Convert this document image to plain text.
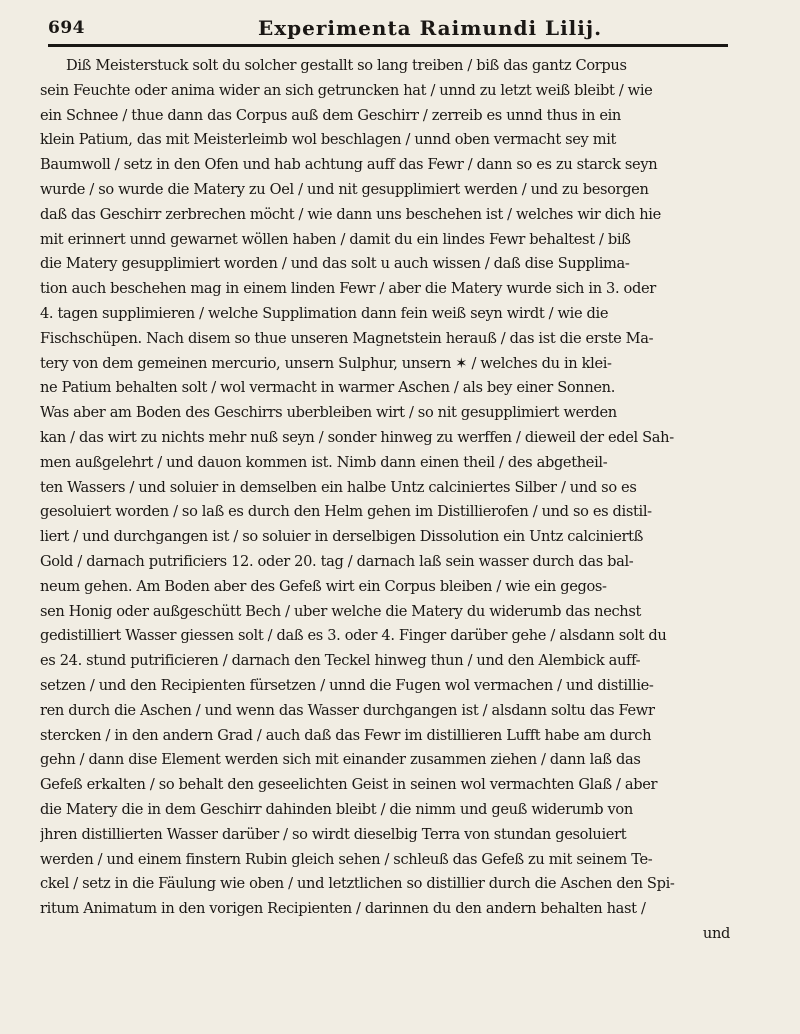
694	Experimenta Raimundi Lilij.
Diß Meisterstuck solt du solcher gestallt so lang treiben / biß das gantz Corpus
sein Feuchte oder anima wider an sich getruncken hat / unnd zu letzt weiß bleibt / wie
ein Schnee / thue dann das Corpus auß dem Geschirr / zerreib es unnd thus in ein
klein Patium, das mit Meisterleimb wol beschlagen / unnd oben vermacht sey mit
Baumwoll / setz in den Ofen und hab achtung auff das Fewr / dann so es zu starck seyn
wurde / so wurde die Matery zu Oel / und nit gesupplimiert werden / und zu besorgen
daß das Geschirr zerbrechen möcht / wie dann uns beschehen ist / welches wir dich hie
mit erinnert unnd gewarnet wöllen haben / damit du ein lindes Fewr behaltest / biß
die Matery gesupplimiert worden / und das solt u auch wissen / daß dise Supplima-
tion auch beschehen mag in einem linden Fewr / aber die Matery wurde sich in 3. oder
4. tagen supplimieren / welche Supplimation dann fein weiß seyn wirdt / wie die
Fischschüpen. Nach disem so thue unseren Magnetstein herauß / das ist die erste Ma-
tery von dem gemeinen mercurio, unsern Sulphur, unsern ✶ / welches du in klei-
ne Patium behalten solt / wol vermacht in warmer Aschen / als bey einer Sonnen.
Was aber am Boden des Geschirrs uberbleiben wirt / so nit gesupplimiert werden
kan / das wirt zu nichts mehr nuß seyn / sonder hinweg zu werffen / dieweil der edel Sah-
men außgelehrt / und dauon kommen ist. Nimb dann einen theil / des abgetheil-
ten Wassers / und soluier in demselben ein halbe Untz calciniertes Silber / und so es
gesoluiert worden / so laß es durch den Helm gehen im Distillierofen / und so es distil-
liert / und durchgangen ist / so soluier in derselbigen Dissolution ein Untz calciniertß
Gold / darnach putrificiers 12. oder 20. tag / darnach laß sein wasser durch das bal-
neum gehen. Am Boden aber des Gefeß wirt ein Corpus bleiben / wie ein gegos-
sen Honig oder außgeschütt Bech / uber welche die Matery du widerumb das nechst
gedistilliert Wasser giessen solt / daß es 3. oder 4. Finger darüber gehe / alsdann solt du
es 24. stund putrificieren / darnach den Teckel hinweg thun / und den Alembick auff-
setzen / und den Recipienten fürsetzen / unnd die Fugen wol vermachen / und distillie-
ren durch die Aschen / und wenn das Wasser durchgangen ist / alsdann soltu das Fewr
stercken / in den andern Grad / auch daß das Fewr im distillieren Lufft habe am durch
gehn / dann dise Element werden sich mit einander zusammen ziehen / dann laß das
Gefeß erkalten / so behalt den geseelichten Geist in seinen wol vermachten Glaß / aber
die Matery die in dem Geschirr dahinden bleibt / die nimm und geuß widerumb von
jhren distillierten Wasser darüber / so wirdt dieselbig Terra von stundan gesoluiert
werden / und einem finstern Rubin gleich sehen / schleuß das Gefeß zu mit seinem Te-
ckel / setz in die Fäulung wie oben / und letztlichen so distillier durch die Aschen den Spi-
ritum Animatum in den vorigen Recipienten / darinnen du den andern behalten hast /
und
